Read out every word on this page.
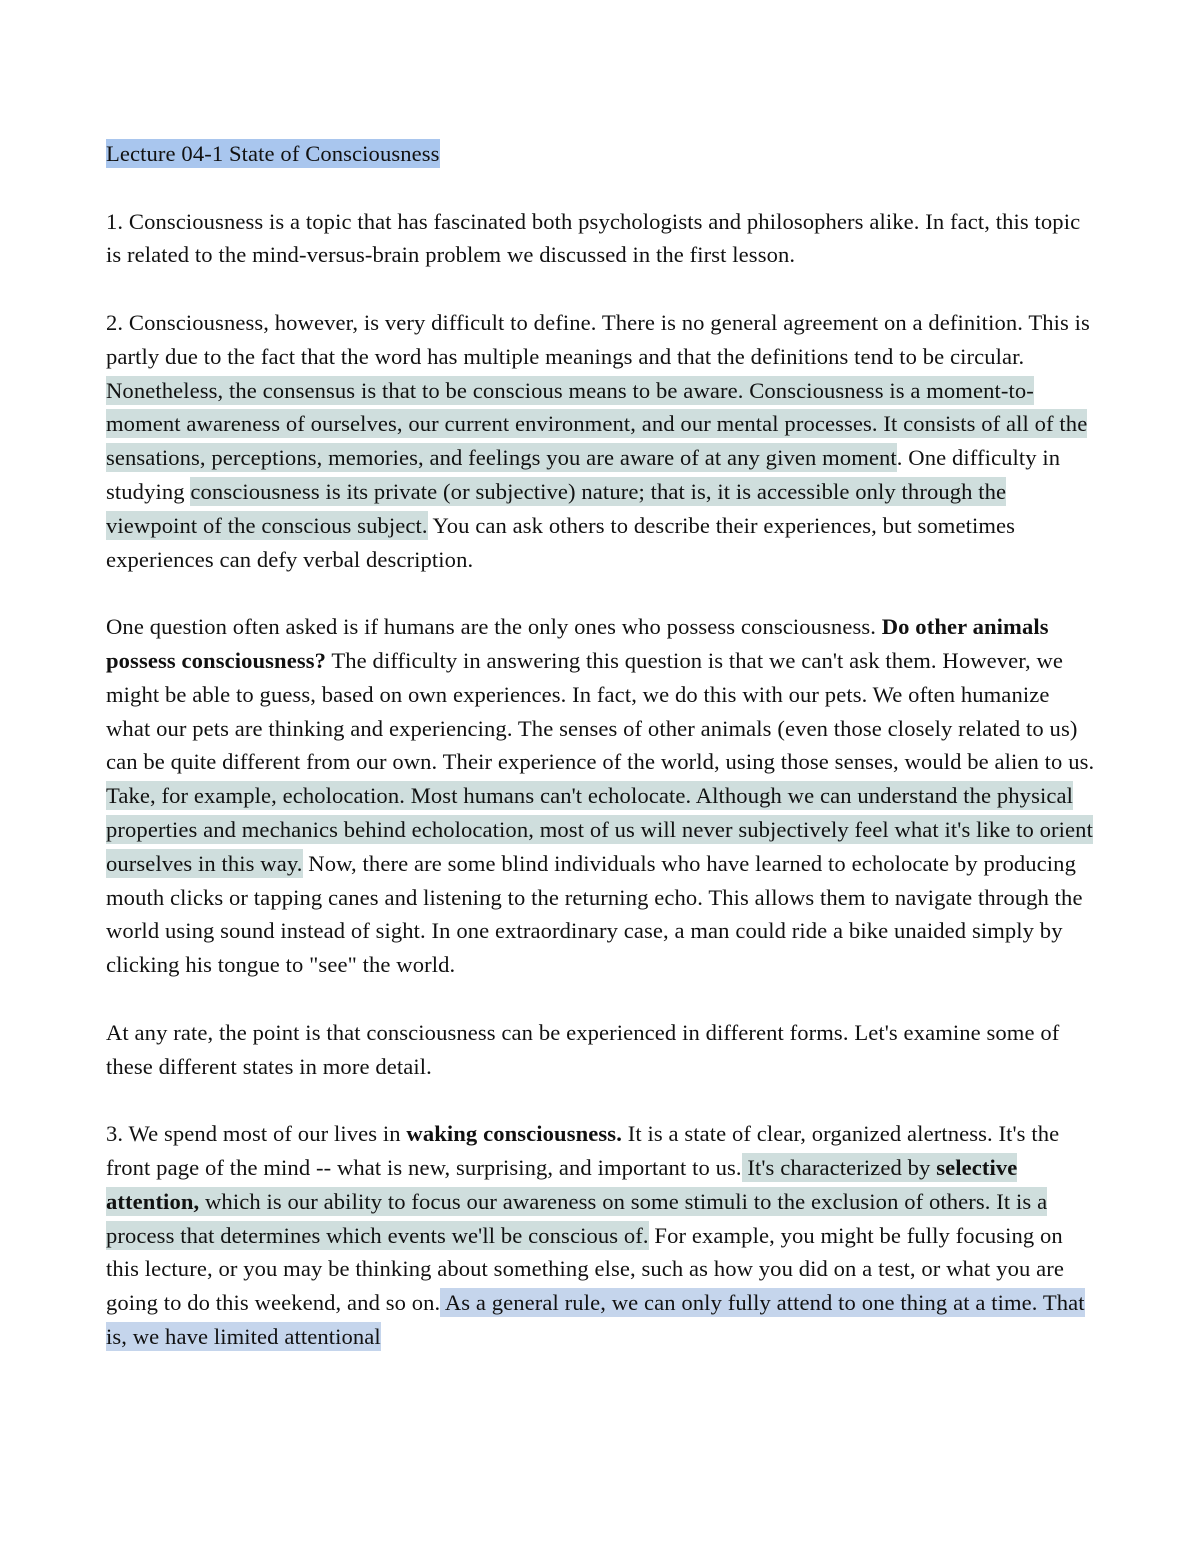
Lecture 04-1 State of Consciousness

1. Consciousness is a topic that has fascinated both psychologists and philosophers alike. In fact, this topic is related to the mind-versus-brain problem we discussed in the first lesson.

2. Consciousness, however, is very difficult to define. There is no general agreement on a definition. This is partly due to the fact that the word has multiple meanings and that the definitions tend to be circular. Nonetheless, the consensus is that to be conscious means to be aware. Consciousness is a moment-to-moment awareness of ourselves, our current environment, and our mental processes. It consists of all of the sensations, perceptions, memories, and feelings you are aware of at any given moment. One difficulty in studying consciousness is its private (or subjective) nature; that is, it is accessible only through the viewpoint of the conscious subject. You can ask others to describe their experiences, but sometimes experiences can defy verbal description.

One question often asked is if humans are the only ones who possess consciousness. Do other animals possess consciousness? The difficulty in answering this question is that we can't ask them. However, we might be able to guess, based on own experiences. In fact, we do this with our pets. We often humanize what our pets are thinking and experiencing. The senses of other animals (even those closely related to us) can be quite different from our own. Their experience of the world, using those senses, would be alien to us. Take, for example, echolocation. Most humans can't echolocate. Although we can understand the physical properties and mechanics behind echolocation, most of us will never subjectively feel what it's like to orient ourselves in this way. Now, there are some blind individuals who have learned to echolocate by producing mouth clicks or tapping canes and listening to the returning echo. This allows them to navigate through the world using sound instead of sight. In one extraordinary case, a man could ride a bike unaided simply by clicking his tongue to "see" the world.

At any rate, the point is that consciousness can be experienced in different forms. Let's examine some of these different states in more detail.

3. We spend most of our lives in waking consciousness. It is a state of clear, organized alertness. It's the front page of the mind -- what is new, surprising, and important to us. It's characterized by selective attention, which is our ability to focus our awareness on some stimuli to the exclusion of others. It is a process that determines which events we'll be conscious of. For example, you might be fully focusing on this lecture, or you may be thinking about something else, such as how you did on a test, or what you are going to do this weekend, and so on. As a general rule, we can only fully attend to one thing at a time. That is, we have limited attentional
